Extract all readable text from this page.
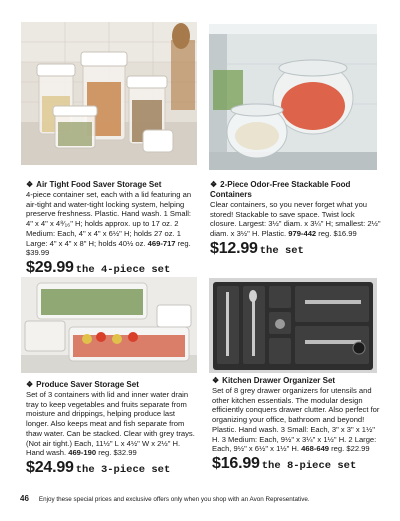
❖ Air Tight Food Saver Storage Set
4-piece container set, each with a lid featuring an air-tight and water-tight locking system, helping preserve freshness. Plastic. Hand wash. 1 Small: 4" x 4" x 4⁸⁄₁₆" H; holds approx. up to 17 oz. 2 Medium: Each, 4" x 4" x 6½" H; holds 27 oz. 1 Large: 4" x 4" x 8" H; holds 40½ oz. 469-717 reg. $39.99
$29.99 the 4-piece set
❖ 2-Piece Odor-Free Stackable Food Containers
Clear containers, so you never forget what you stored! Stackable to save space. Twist lock closure. Largest: 3½" diam. x 3¼" H; smallest: 2½" diam. x 3½" H. Plastic. 979-442 reg. $16.99
$12.99 the set
❖ Produce Saver Storage Set
Set of 3 containers with lid and inner water drain tray to keep vegetables and fruits separate from moisture and drippings, helping produce last longer. Also keeps meat and fish separate from thaw water. Can be stacked. Clear with grey trays. (Not air tight.) Each, 11½" L x 4½" W x 2½" H. Hand wash. 469-190 reg. $32.99
$24.99 the 3-piece set
❖ Kitchen Drawer Organizer Set
Set of 8 grey drawer organizers for utensils and other kitchen essentials. The modular design efficiently conquers drawer clutter. Also perfect for organizing your office, bathroom and beyond! Plastic. Hand wash. 3 Small: Each, 3" x 3" x 1½" H. 3 Medium: Each, 9½" x 3¼" x 1½" H. 2 Large: Each, 9½" x 6½" x 1½" H. 468-649 reg. $22.99
$16.99 the 8-piece set
46 Enjoy these special prices and exclusive offers only when you shop with an Avon Representative.
